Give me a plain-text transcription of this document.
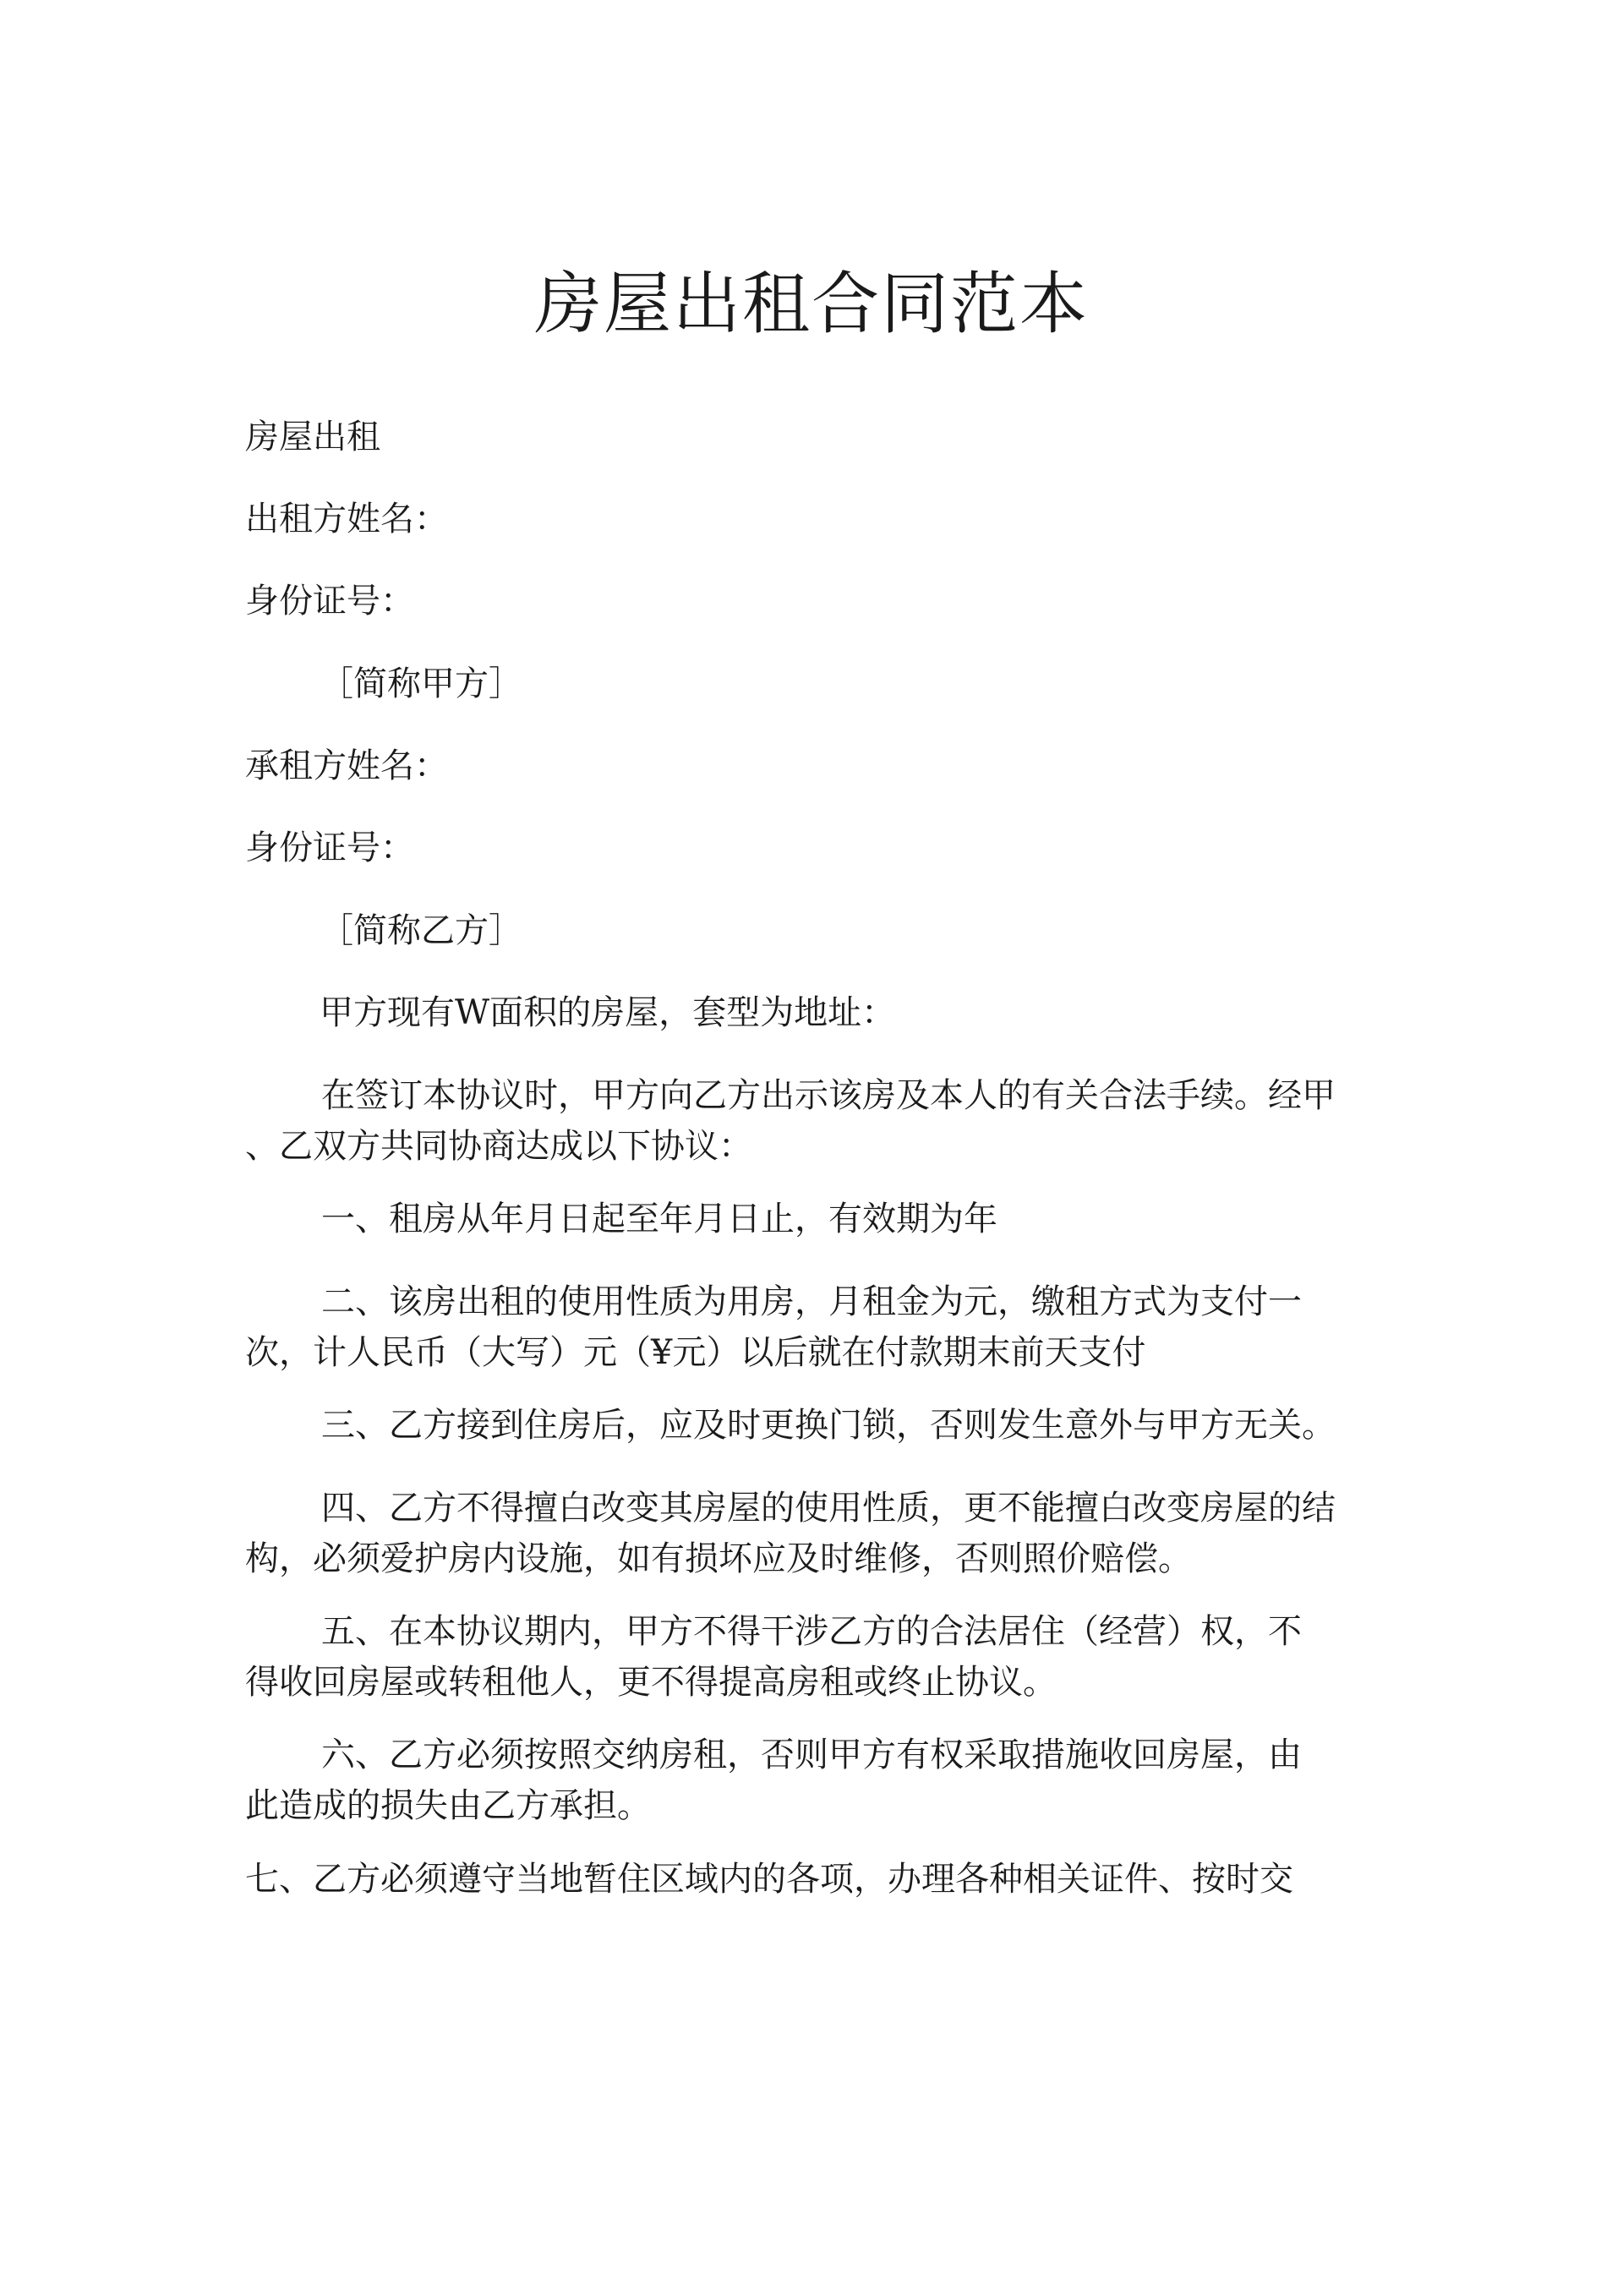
房屋出租合同范本

房屋出租

出租方姓名：

身份证号：

［简称甲方］

承租方姓名：

身份证号：

［简称乙方］

甲方现有W面积的房屋，套型为地址：

在签订本协议时，甲方向乙方出示该房及本人的有关合法手续。经甲
、乙双方共同协商达成以下协议：
一、租房从年月日起至年月日止，有效期为年
二、该房出租的使用性质为用房，月租金为元，缴租方式为支付一
次，计人民币（大写）元（¥元）以后就在付款期末前天支付
三、乙方接到住房后，应及时更换门锁，否则发生意外与甲方无关。
四、乙方不得擅白改变其房屋的使用性质，更不能擅白改变房屋的结
构，必须爱护房内设施，如有损坏应及时维修，否则照价赔偿。
五、在本协议期内，甲方不得干涉乙方的合法居住（经营）权，不
得收回房屋或转租他人，更不得提高房租或终止协议。
六、乙方必须按照交纳房租，否则甲方有权采取措施收回房屋，由
此造成的损失由乙方承担。
七、乙方必须遵守当地暂住区域内的各项，办理各种相关证件、按时交
